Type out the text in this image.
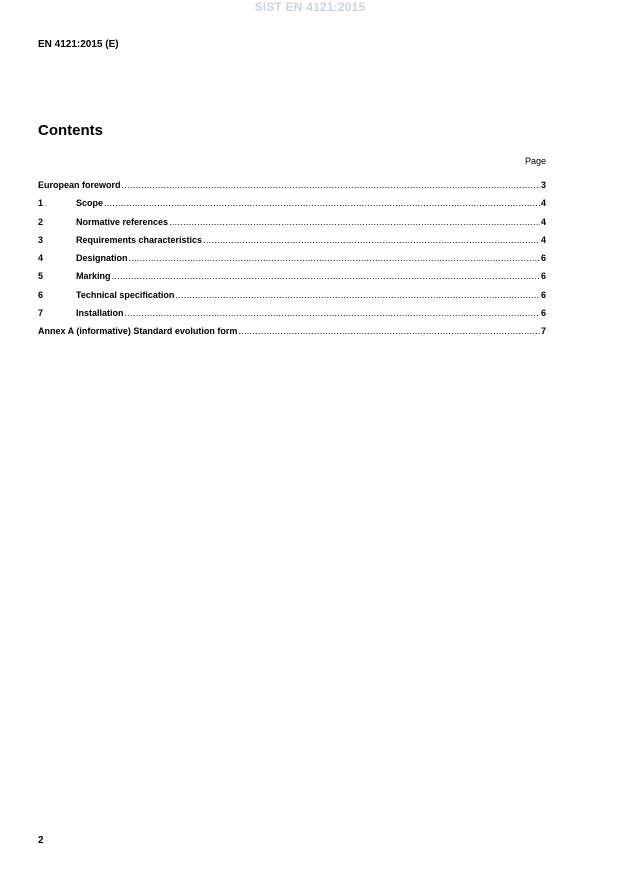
SIST EN 4121:2015
EN 4121:2015 (E)
Contents
Page
European foreword .....	3
1	Scope .....	4
2	Normative references .....	4
3	Requirements characteristics .....	4
4	Designation .....	6
5	Marking .....	6
6	Technical specification .....	6
7	Installation .....	6
Annex A (informative) Standard evolution form .....	7
2
